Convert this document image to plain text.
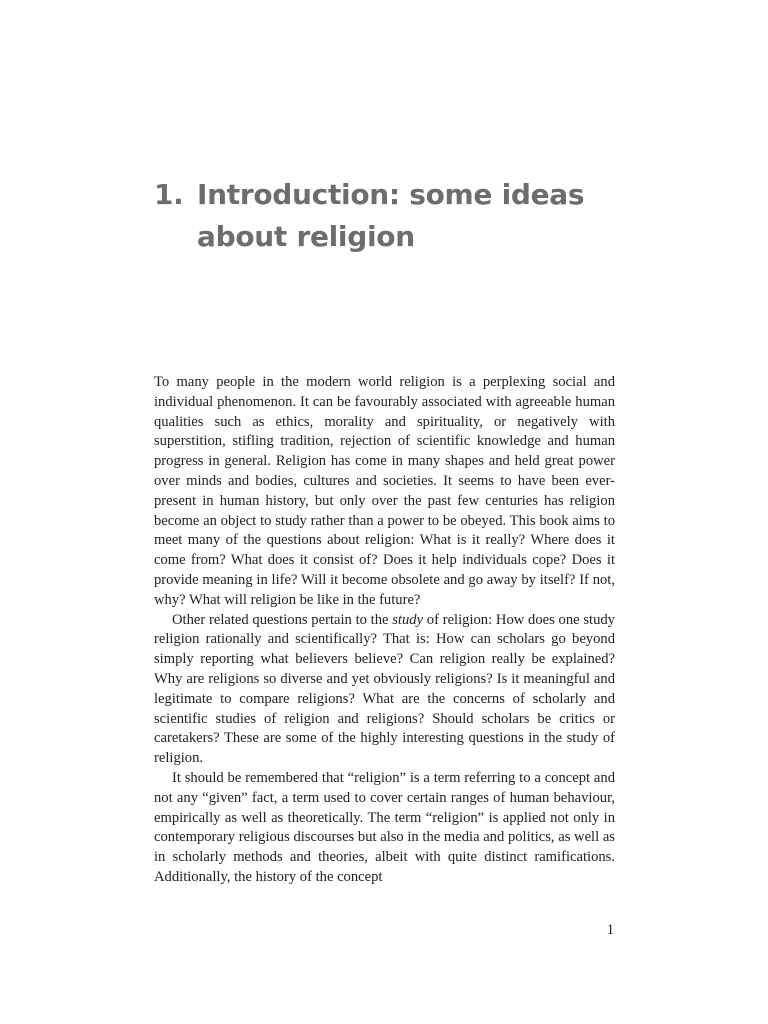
1. Introduction: some ideas about religion

To many people in the modern world religion is a perplexing social and individual phenomenon. It can be favourably associated with agreeable human qualities such as ethics, morality and spirituality, or negatively with superstition, stifling tradition, rejection of scientific knowledge and human progress in general. Religion has come in many shapes and held great power over minds and bodies, cultures and societies. It seems to have been ever-present in human history, but only over the past few centuries has religion become an object to study rather than a power to be obeyed. This book aims to meet many of the questions about religion: What is it really? Where does it come from? What does it consist of? Does it help individuals cope? Does it provide meaning in life? Will it become obsolete and go away by itself? If not, why? What will religion be like in the future?

Other related questions pertain to the study of religion: How does one study religion rationally and scientifically? That is: How can scholars go beyond simply reporting what believers believe? Can religion really be explained? Why are religions so diverse and yet obviously religions? Is it meaningful and legitimate to compare religions? What are the concerns of scholarly and scientific studies of religion and religions? Should scholars be critics or caretakers? These are some of the highly interesting questions in the study of religion.

It should be remembered that “religion” is a term referring to a concept and not any “given” fact, a term used to cover certain ranges of human behaviour, empirically as well as theoretically. The term “religion” is applied not only in contemporary religious discourses but also in the media and politics, as well as in scholarly methods and theories, albeit with quite distinct ramifications. Additionally, the history of the concept

1
